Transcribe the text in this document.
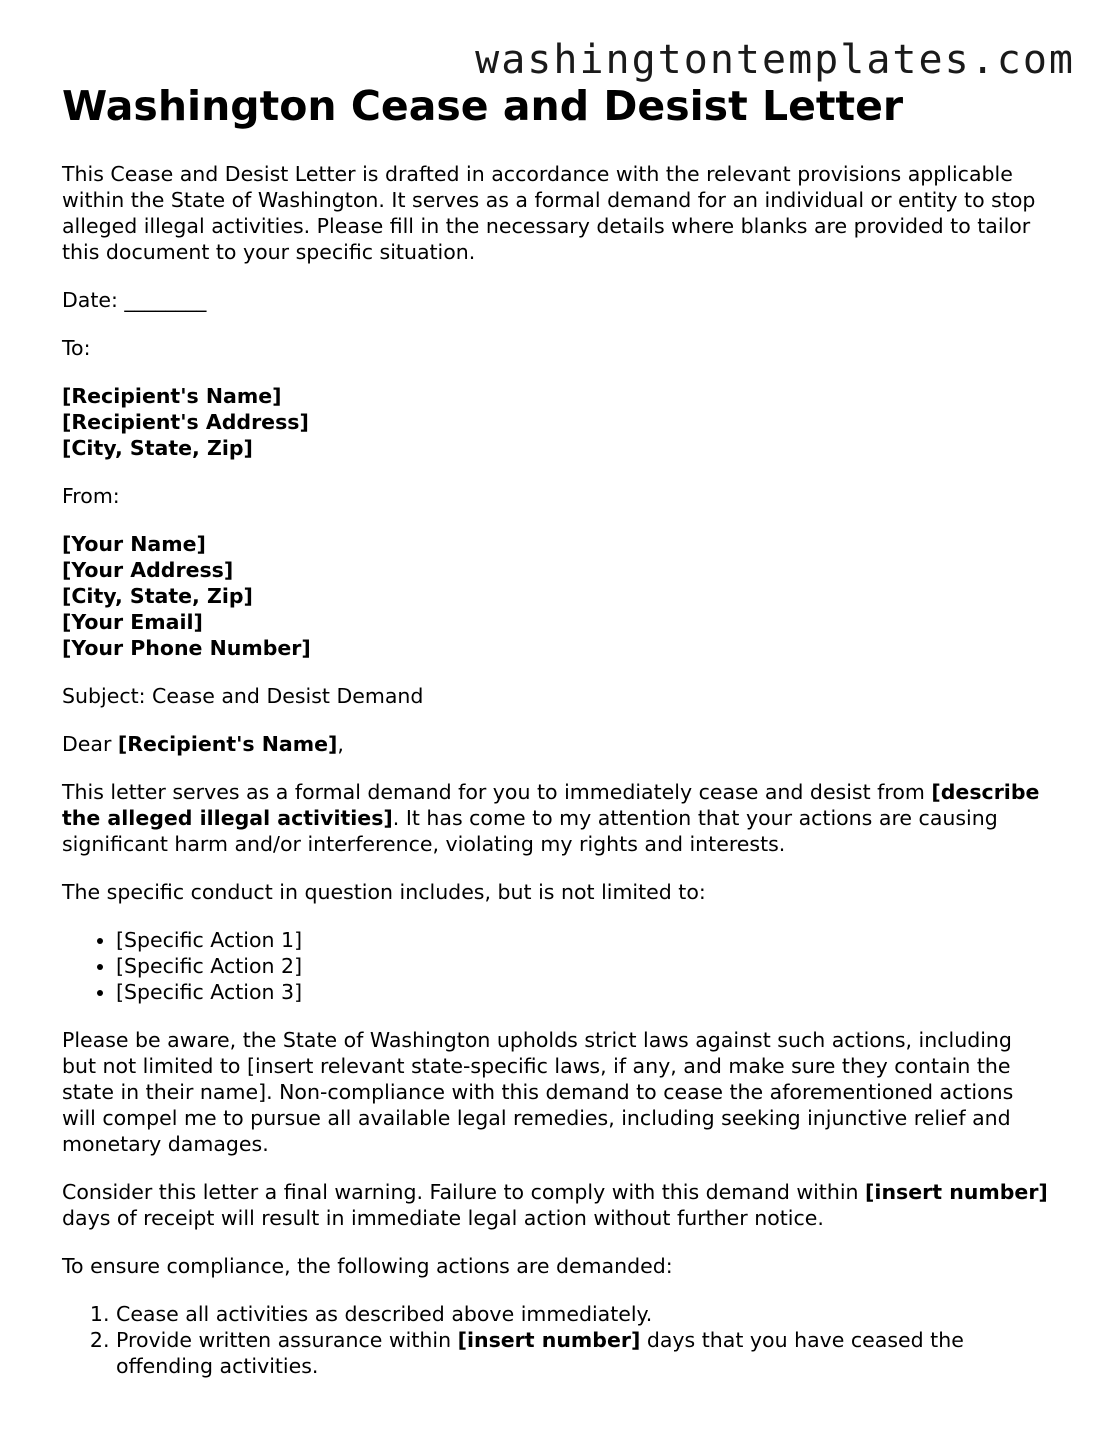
washingtontemplates.com
Washington Cease and Desist Letter

This Cease and Desist Letter is drafted in accordance with the relevant provisions applicable within the State of Washington. It serves as a formal demand for an individual or entity to stop alleged illegal activities. Please fill in the necessary details where blanks are provided to tailor this document to your specific situation.

Date: ________

To:

[Recipient's Name]
[Recipient's Address]
[City, State, Zip]

From:

[Your Name]
[Your Address]
[City, State, Zip]
[Your Email]
[Your Phone Number]

Subject: Cease and Desist Demand

Dear [Recipient's Name],

This letter serves as a formal demand for you to immediately cease and desist from [describe the alleged illegal activities]. It has come to my attention that your actions are causing significant harm and/or interference, violating my rights and interests.

The specific conduct in question includes, but is not limited to:

• [Specific Action 1]
• [Specific Action 2]
• [Specific Action 3]

Please be aware, the State of Washington upholds strict laws against such actions, including but not limited to [insert relevant state-specific laws, if any, and make sure they contain the state in their name]. Non-compliance with this demand to cease the aforementioned actions will compel me to pursue all available legal remedies, including seeking injunctive relief and monetary damages.

Consider this letter a final warning. Failure to comply with this demand within [insert number] days of receipt will result in immediate legal action without further notice.

To ensure compliance, the following actions are demanded:

1. Cease all activities as described above immediately.
2. Provide written assurance within [insert number] days that you have ceased the offending activities.
